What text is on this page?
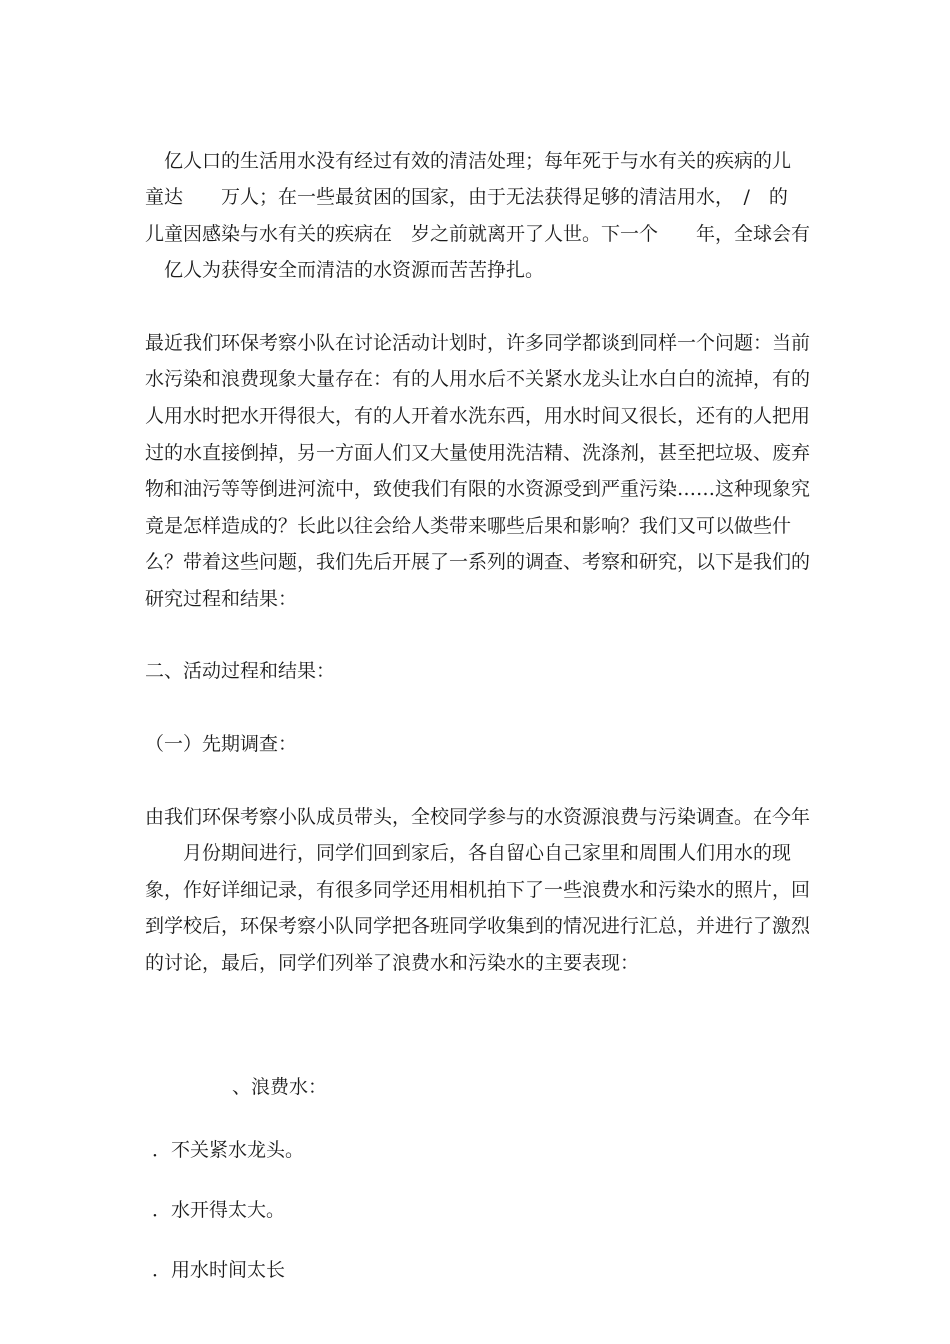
　亿人口的生活用水没有经过有效的清洁处理；每年死于与水有关的疾病的儿
童达　　万人；在一些最贫困的国家，由于无法获得足够的清洁用水，　/　的
儿童因感染与水有关的疾病在　岁之前就离开了人世。下一个　　年，全球会有
　亿人为获得安全而清洁的水资源而苦苦挣扎。
最近我们环保考察小队在讨论活动计划时，许多同学都谈到同样一个问题：当前
水污染和浪费现象大量存在：有的人用水后不关紧水龙头让水白白的流掉，有的
人用水时把水开得很大，有的人开着水洗东西，用水时间又很长，还有的人把用
过的水直接倒掉，另一方面人们又大量使用洗洁精、洗涤剂，甚至把垃圾、废弃
物和油污等等倒进河流中，致使我们有限的水资源受到严重污染……这种现象究
竟是怎样造成的？长此以往会给人类带来哪些后果和影响？我们又可以做些什
么？带着这些问题，我们先后开展了一系列的调查、考察和研究，以下是我们的
研究过程和结果：
二、活动过程和结果：
（一）先期调查：
由我们环保考察小队成员带头，全校同学参与的水资源浪费与污染调查。在今年
　　月份期间进行，同学们回到家后，各自留心自己家里和周围人们用水的现
象，作好详细记录，有很多同学还用相机拍下了一些浪费水和污染水的照片，回
到学校后，环保考察小队同学把各班同学收集到的情况进行汇总，并进行了激烈
的讨论，最后，同学们列举了浪费水和污染水的主要表现：
、浪费水：
．不关紧水龙头。
．水开得太大。
．用水时间太长
